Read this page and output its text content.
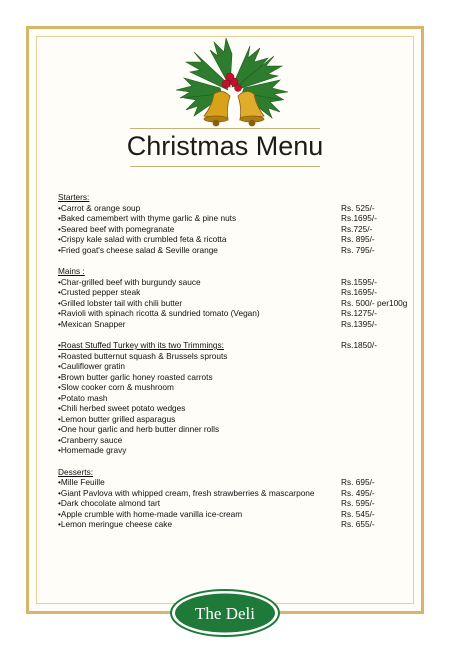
Christmas Menu
Starters:
•Carrot & orange soup	Rs. 525/-
•Baked camembert with thyme garlic & pine nuts	Rs.1695/-
•Seared beef with pomegranate	Rs.725/-
•Crispy kale salad with crumbled feta & ricotta	Rs. 895/-
•Fried goat's cheese salad & Seville orange	Rs. 795/-
Mains :
•Char-grilled beef with burgundy sauce	Rs.1595/-
•Crusted pepper steak	Rs.1695/-
•Grilled lobster tail with chili butter	Rs. 500/- per100g
•Ravioli with spinach ricotta & sundried tomato (Vegan)	Rs.1275/-
•Mexican Snapper	Rs.1395/-
•Roast Stuffed Turkey with its two Trimmings:	Rs.1850/-
•Roasted butternut squash & Brussels sprouts
•Cauliflower gratin
•Brown butter garlic honey roasted carrots
•Slow cooker corn & mushroom
•Potato mash
•Chili herbed sweet potato wedges
•Lemon butter grilled asparagus
•One hour garlic and herb butter dinner rolls
•Cranberry sauce
•Homemade gravy
Desserts:
•Mille Feuille	Rs. 695/-
•Giant Pavlova with whipped cream, fresh strawberries & mascarpone	Rs. 495/-
•Dark chocolate almond tart	Rs. 595/-
•Apple crumble with home-made vanilla ice-cream	Rs. 545/-
•Lemon meringue cheese cake	Rs. 655/-
The Deli
